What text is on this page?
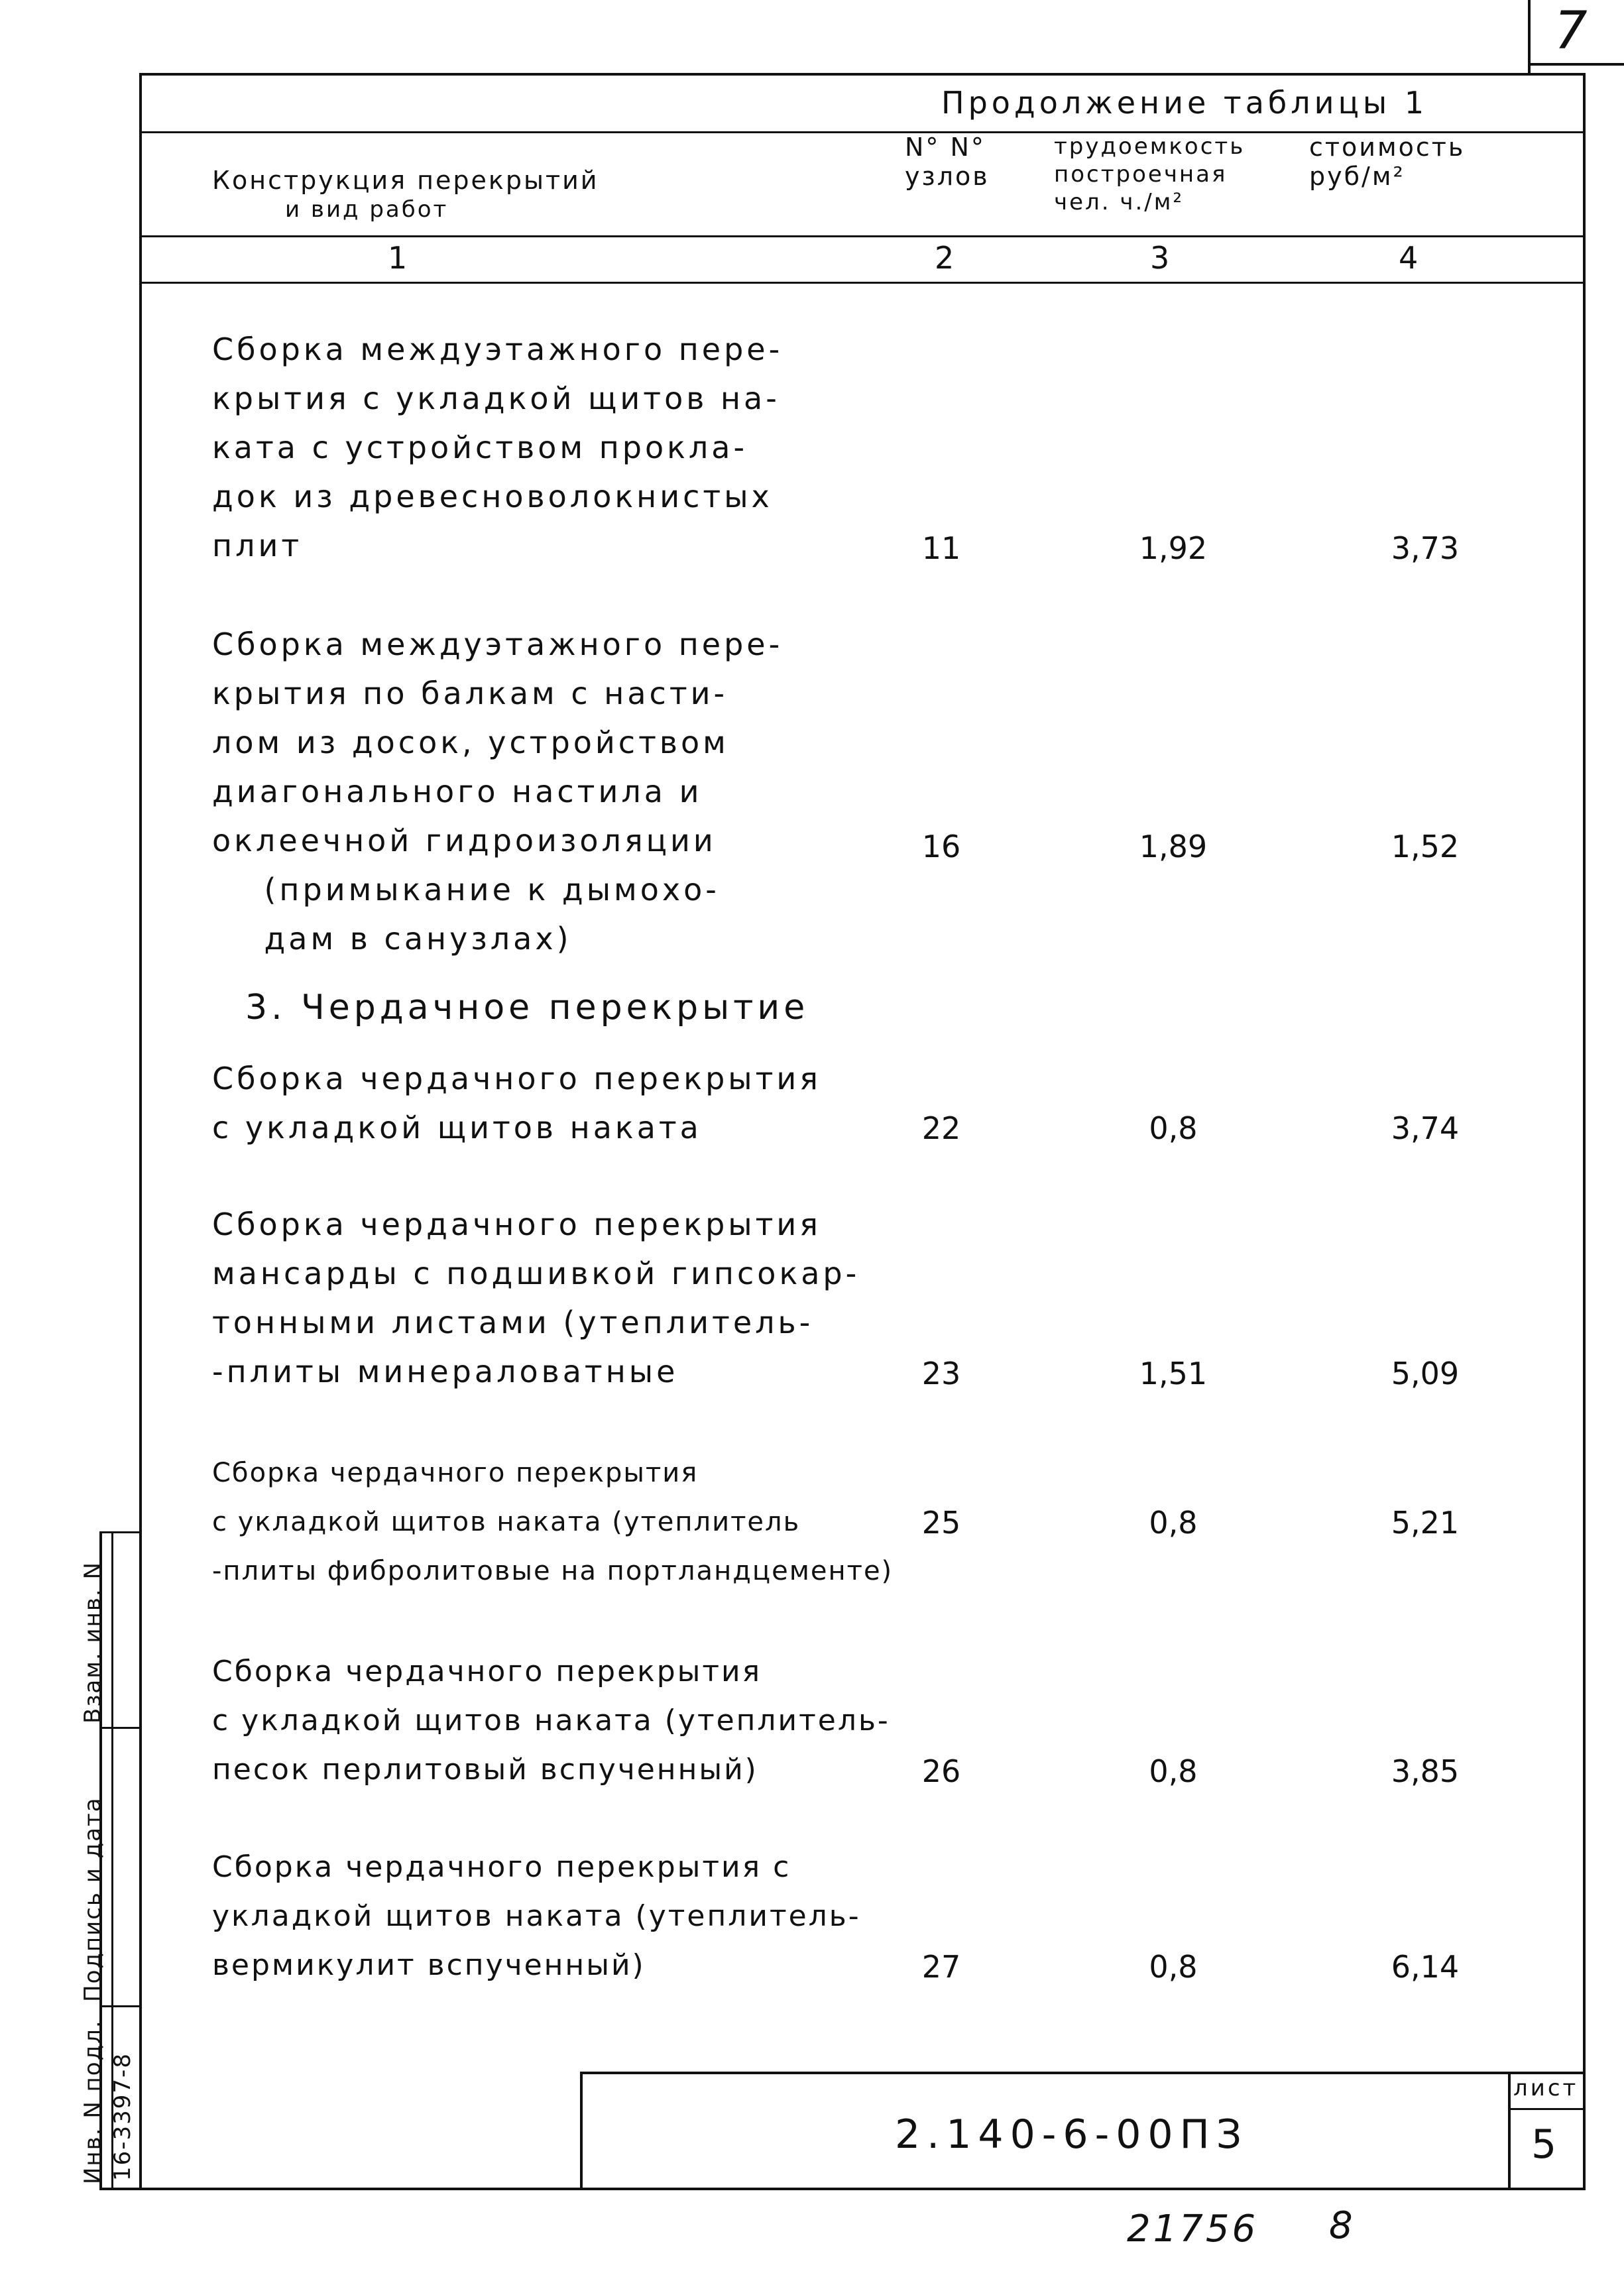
Взам. инв. N
Подпись и дата
Инв. N подл. 16-3397-8
7
Продолжение таблицы 1
Конструкция перекрытий
и вид работ
N° N°
узлов
трудоемкость
построечная
чел. ч./м²
стоимость
руб/м²
1	2	3	4
Сборка междуэтажного пере-
крытия с укладкой щитов на-
ката с устройством прокла-
док из древесноволокнистых
плит	11	1,92	3,73
Сборка междуэтажного пере-
крытия по балкам с насти-
лом из досок, устройством
диагонального настила и
оклеечной гидроизоляции
(примыкание к дымохо-
дам в санузлах)
16	1,89	1,52
3. Чердачное перекрытие
Сборка чердачного перекрытия
с укладкой щитов наката	22	0,8	3,74
Сборка чердачного перекрытия
мансарды с подшивкой гипсокар-
тонными листами (утеплитель-
-плиты минераловатные	23	1,51	5,09
Сборка чердачного перекрытия
с укладкой щитов наката (утеплитель
-плиты фибролитовые на портландцементе)
25	0,8	5,21
Сборка чердачного перекрытия
с укладкой щитов наката (утеплитель-
песок перлитовый вспученный)	26	0,8	3,85
Сборка чердачного перекрытия с
укладкой щитов наката (утеплитель-
вермикулит вспученный)	27	0,8	6,14
2.140-6-00ПЗ
лист
5
21756 8
